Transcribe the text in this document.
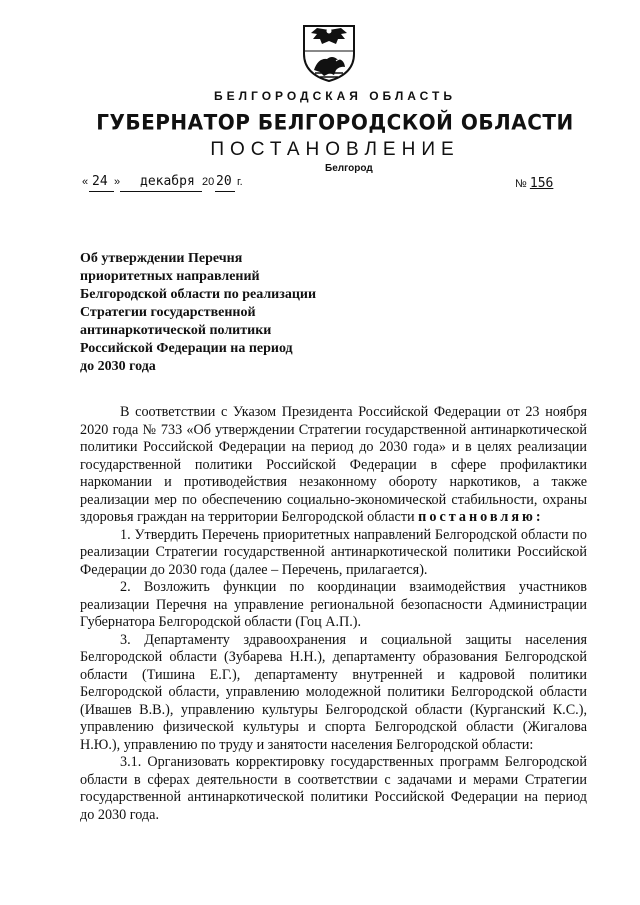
БЕЛГОРОДСКАЯ ОБЛАСТЬ
ГУБЕРНАТОР БЕЛГОРОДСКОЙ ОБЛАСТИ
ПОСТАНОВЛЕНИЕ
Белгород
« 24 » декабря 20 20 г.	№ 156
Об утверждении Перечня
приоритетных направлений
Белгородской области по реализации
Стратегии государственной
антинаркотической политики
Российской Федерации на период
до 2030 года

В соответствии с Указом Президента Российской Федерации от 23 ноября 2020 года № 733 «Об утверждении Стратегии государственной антинаркотической политики Российской Федерации на период до 2030 года» и в целях реализации государственной политики Российской Федерации в сфере профилактики наркомании и противодействия незаконному обороту наркотиков, а также реализации мер по обеспечению социально-экономической стабильности, охраны здоровья граждан на территории Белгородской области постановляю:

1. Утвердить Перечень приоритетных направлений Белгородской области по реализации Стратегии государственной антинаркотической политики Российской Федерации до 2030 года (далее – Перечень, прилагается).

2. Возложить функции по координации взаимодействия участников реализации Перечня на управление региональной безопасности Администрации Губернатора Белгородской области (Гоц А.П.).

3. Департаменту здравоохранения и социальной защиты населения Белгородской области (Зубарева Н.Н.), департаменту образования Белгородской области (Тишина Е.Г.), департаменту внутренней и кадровой политики Белгородской области, управлению молодежной политики Белгородской области (Ивашев В.В.), управлению культуры Белгородской области (Курганский К.С.), управлению физической культуры и спорта Белгородской области (Жигалова Н.Ю.), управлению по труду и занятости населения Белгородской области:

3.1. Организовать корректировку государственных программ Белгородской области в сферах деятельности в соответствии с задачами и мерами Стратегии государственной антинаркотической политики Российской Федерации на период до 2030 года.
